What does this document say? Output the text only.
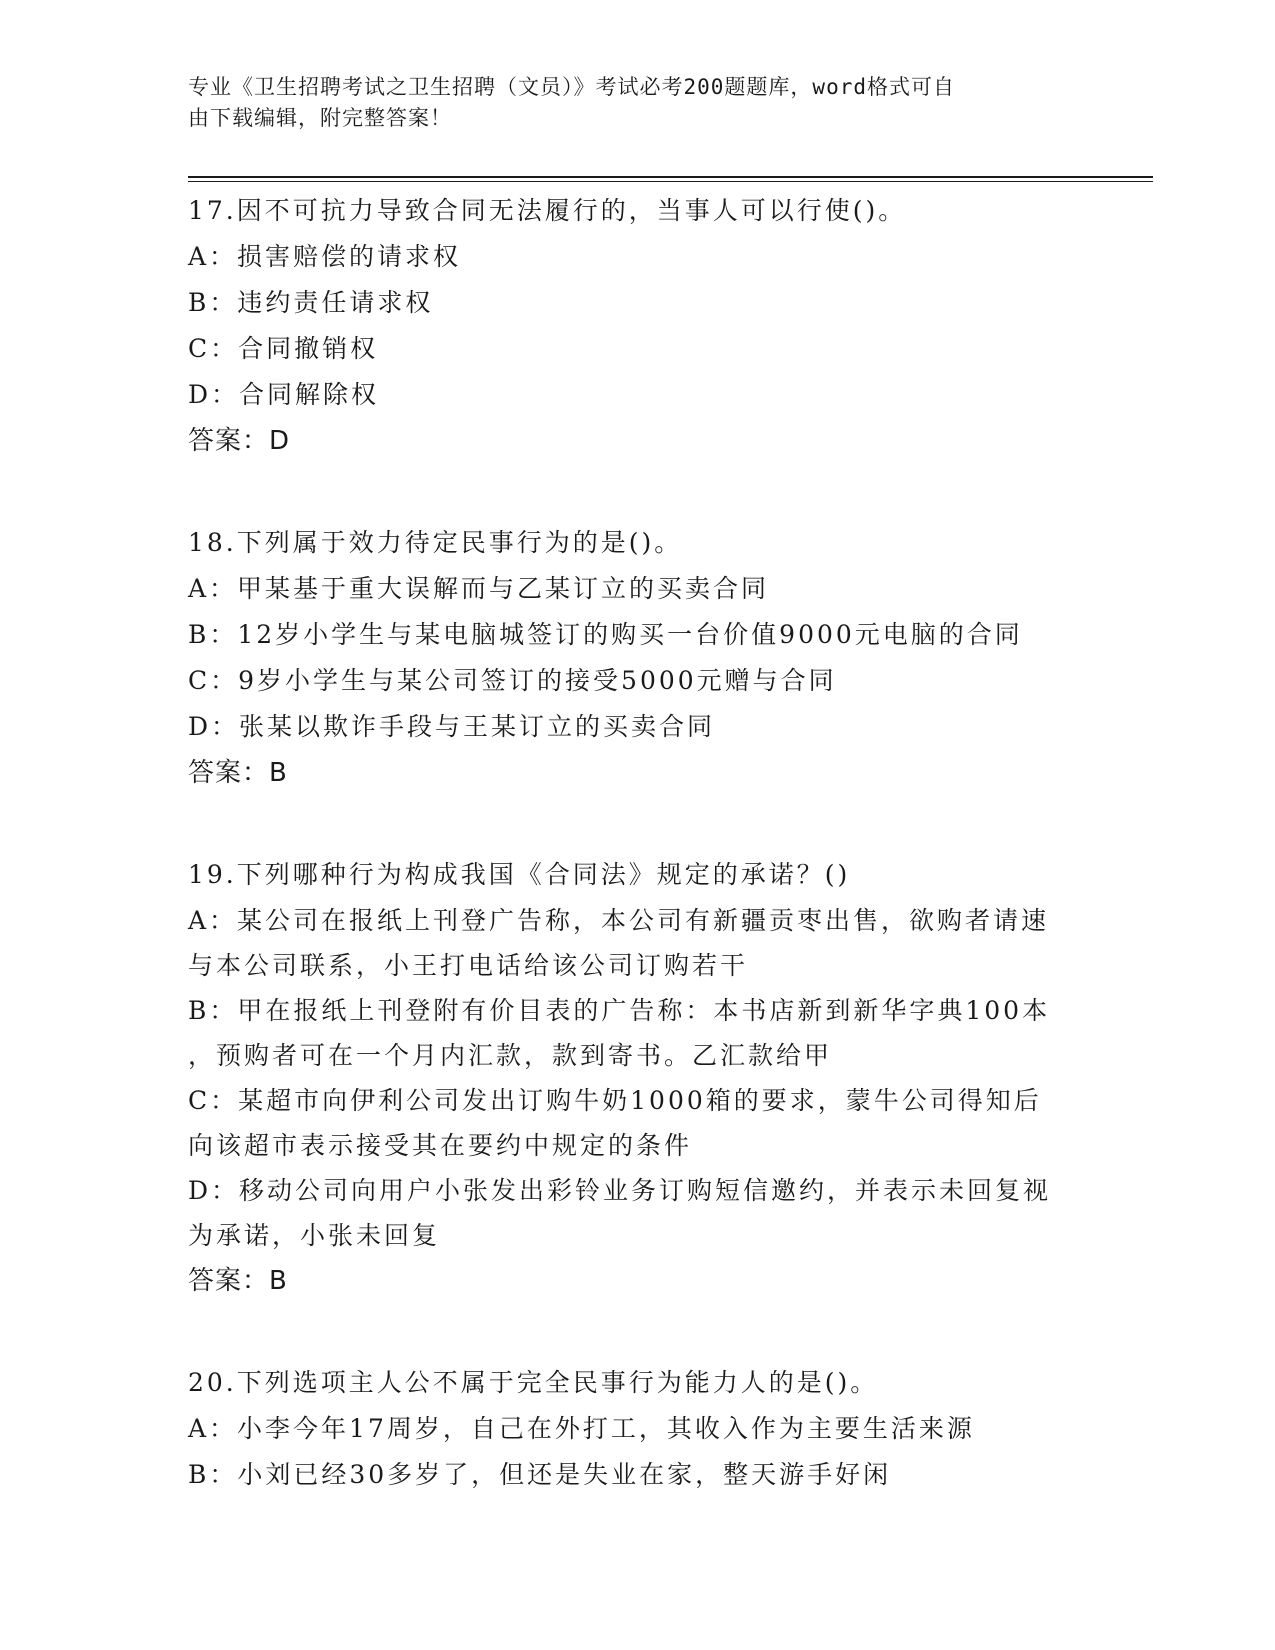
专业《卫生招聘考试之卫生招聘（文员）》考试必考200题题库，word格式可自
由下载编辑，附完整答案！
17.因不可抗力导致合同无法履行的，当事人可以行使()。
A：损害赔偿的请求权
B：违约责任请求权
C：合同撤销权
D：合同解除权
答案：D
18.下列属于效力待定民事行为的是()。
A：甲某基于重大误解而与乙某订立的买卖合同
B：12岁小学生与某电脑城签订的购买一台价值9000元电脑的合同
C：9岁小学生与某公司签订的接受5000元赠与合同
D：张某以欺诈手段与王某订立的买卖合同
答案：B
19.下列哪种行为构成我国《合同法》规定的承诺？()
A：某公司在报纸上刊登广告称，本公司有新疆贡枣出售，欲购者请速
与本公司联系，小王打电话给该公司订购若干
B：甲在报纸上刊登附有价目表的广告称：本书店新到新华字典100本
，预购者可在一个月内汇款，款到寄书。乙汇款给甲
C：某超市向伊利公司发出订购牛奶1000箱的要求，蒙牛公司得知后
向该超市表示接受其在要约中规定的条件
D：移动公司向用户小张发出彩铃业务订购短信邀约，并表示未回复视
为承诺，小张未回复
答案：B
20.下列选项主人公不属于完全民事行为能力人的是()。
A：小李今年17周岁，自己在外打工，其收入作为主要生活来源
B：小刘已经30多岁了，但还是失业在家，整天游手好闲
